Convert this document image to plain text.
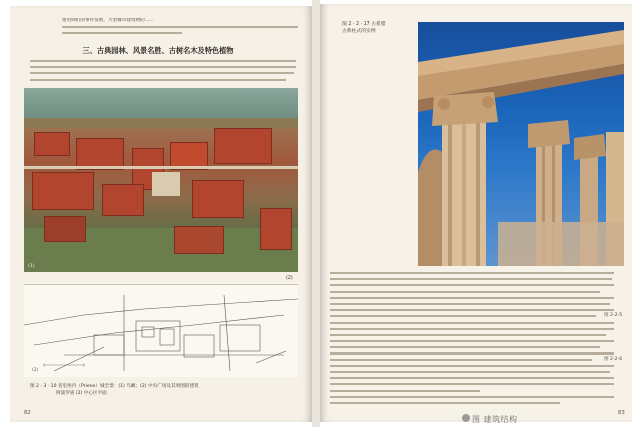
建筑师们的事件发展，大型城市建筑物的……
三、古典园林、风景名胜、古树名木及特色植物
(1)
(2)
(2)
图 2 · 3 · 10 普里埃内（Priene）城全景：(1) 鸟瞰；(2) 中央广场及其周围的建筑
阿波罗庙 (2) 中心区平面
82
图 2 · 2 · 17 古希腊
古典柱式的实例
图 2-2-5
图 2-2-6
83
图 建筑结构
